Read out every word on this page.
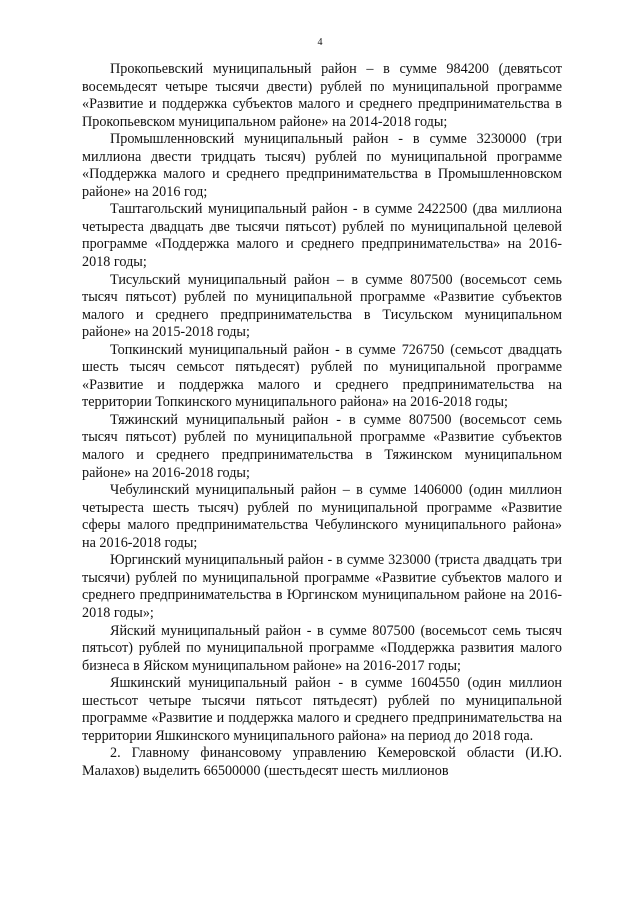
4

Прокопьевский муниципальный район – в сумме 984200 (девятьсот восемьдесят четыре тысячи двести) рублей по муниципальной программе «Развитие и поддержка субъектов малого и среднего предпринимательства в Прокопьевском муниципальном районе» на 2014-2018 годы;

Промышленновский муниципальный район - в сумме 3230000 (три миллиона двести тридцать тысяч) рублей по муниципальной программе «Поддержка малого и среднего предпринимательства в Промышленновском районе» на 2016 год;

Таштагольский муниципальный район - в сумме 2422500 (два миллиона четыреста двадцать две тысячи пятьсот) рублей по муниципальной целевой программе «Поддержка малого и среднего предпринимательства» на 2016-2018 годы;

Тисульский муниципальный район – в сумме 807500 (восемьсот семь тысяч пятьсот) рублей по муниципальной программе «Развитие субъектов малого и среднего предпринимательства в Тисульском муниципальном районе» на 2015-2018 годы;

Топкинский муниципальный район - в сумме 726750 (семьсот двадцать шесть тысяч семьсот пятьдесят) рублей по муниципальной программе «Развитие и поддержка малого и среднего предпринимательства на территории Топкинского муниципального района» на 2016-2018 годы;

Тяжинский муниципальный район - в сумме 807500 (восемьсот семь тысяч пятьсот) рублей по муниципальной программе «Развитие субъектов малого и среднего предпринимательства в Тяжинском муниципальном районе» на 2016-2018 годы;

Чебулинский муниципальный район – в сумме 1406000 (один миллион четыреста шесть тысяч) рублей по муниципальной программе «Развитие сферы малого предпринимательства Чебулинского муниципального района» на 2016-2018 годы;

Юргинский муниципальный район - в сумме 323000 (триста двадцать три тысячи) рублей по муниципальной программе «Развитие субъектов малого и среднего предпринимательства в Юргинском муниципальном районе на 2016-2018 годы»;

Яйский муниципальный район - в сумме 807500 (восемьсот семь тысяч пятьсот) рублей по муниципальной программе «Поддержка развития малого бизнеса в Яйском муниципальном районе» на 2016-2017 годы;

Яшкинский муниципальный район - в сумме 1604550 (один миллион шестьсот четыре тысячи пятьсот пятьдесят) рублей по муниципальной программе «Развитие и поддержка малого и среднего предпринимательства на территории Яшкинского муниципального района» на период до 2018 года.

2. Главному финансовому управлению Кемеровской области (И.Ю. Малахов) выделить 66500000 (шестьдесят шесть миллионов
